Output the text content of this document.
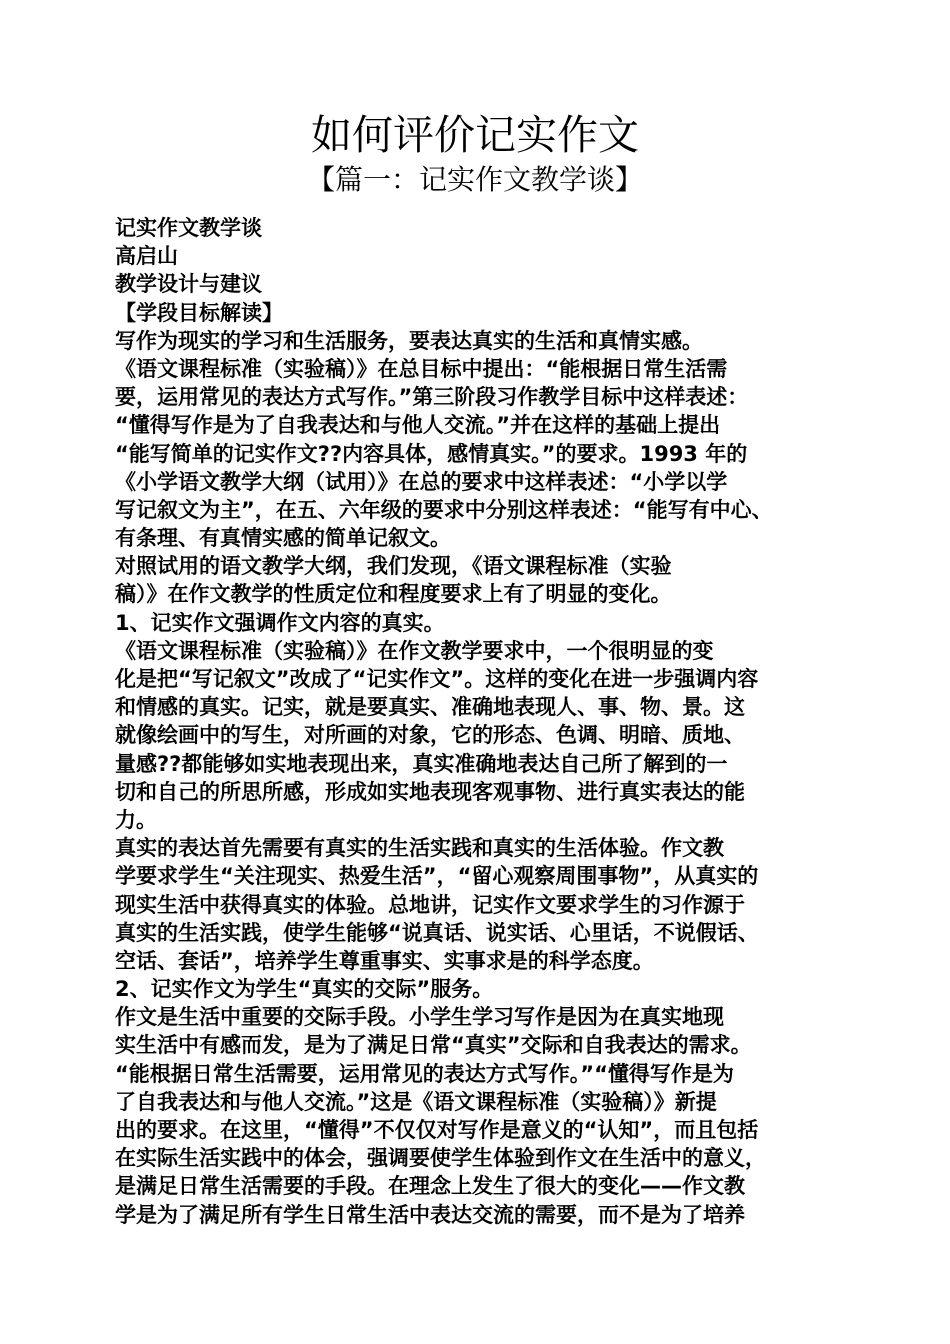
如何评价记实作文
【篇一：记实作文教学谈】
记实作文教学谈
高启山
教学设计与建议
【学段目标解读】
写作为现实的学习和生活服务，要表达真实的生活和真情实感。
《语文课程标准（实验稿）》在总目标中提出：“能根据日常生活需
要，运用常见的表达方式写作。”第三阶段习作教学目标中这样表述：
“懂得写作是为了自我表达和与他人交流。”并在这样的基础上提出
“能写简单的记实作文??内容具体，感情真实。”的要求。1993 年的
《小学语文教学大纲（试用）》在总的要求中这样表述：“小学以学
写记叙文为主”，在五、六年级的要求中分别这样表述：“能写有中心、
有条理、有真情实感的简单记叙文。
对照试用的语文教学大纲，我们发现，《语文课程标准（实验
稿）》在作文教学的性质定位和程度要求上有了明显的变化。
1、记实作文强调作文内容的真实。
《语文课程标准（实验稿）》在作文教学要求中，一个很明显的变
化是把“写记叙文”改成了“记实作文”。这样的变化在进一步强调内容
和情感的真实。记实，就是要真实、准确地表现人、事、物、景。这
就像绘画中的写生，对所画的对象，它的形态、色调、明暗、质地、
量感??都能够如实地表现出来，真实准确地表达自己所了解到的一
切和自己的所思所感，形成如实地表现客观事物、进行真实表达的能
力。
真实的表达首先需要有真实的生活实践和真实的生活体验。作文教
学要求学生“关注现实、热爱生活”，“留心观察周围事物”，从真实的
现实生活中获得真实的体验。总地讲，记实作文要求学生的习作源于
真实的生活实践，使学生能够“说真话、说实话、心里话，不说假话、
空话、套话”，培养学生尊重事实、实事求是的科学态度。
2、记实作文为学生“真实的交际”服务。
作文是生活中重要的交际手段。小学生学习写作是因为在真实地现
实生活中有感而发，是为了满足日常“真实”交际和自我表达的需求。
“能根据日常生活需要，运用常见的表达方式写作。”“懂得写作是为
了自我表达和与他人交流。”这是《语文课程标准（实验稿）》新提
出的要求。在这里，“懂得”不仅仅对写作是意义的“认知”，而且包括
在实际生活实践中的体会，强调要使学生体验到作文在生活中的意义，
是满足日常生活需要的手段。在理念上发生了很大的变化——作文教
学是为了满足所有学生日常生活中表达交流的需要，而不是为了培养
